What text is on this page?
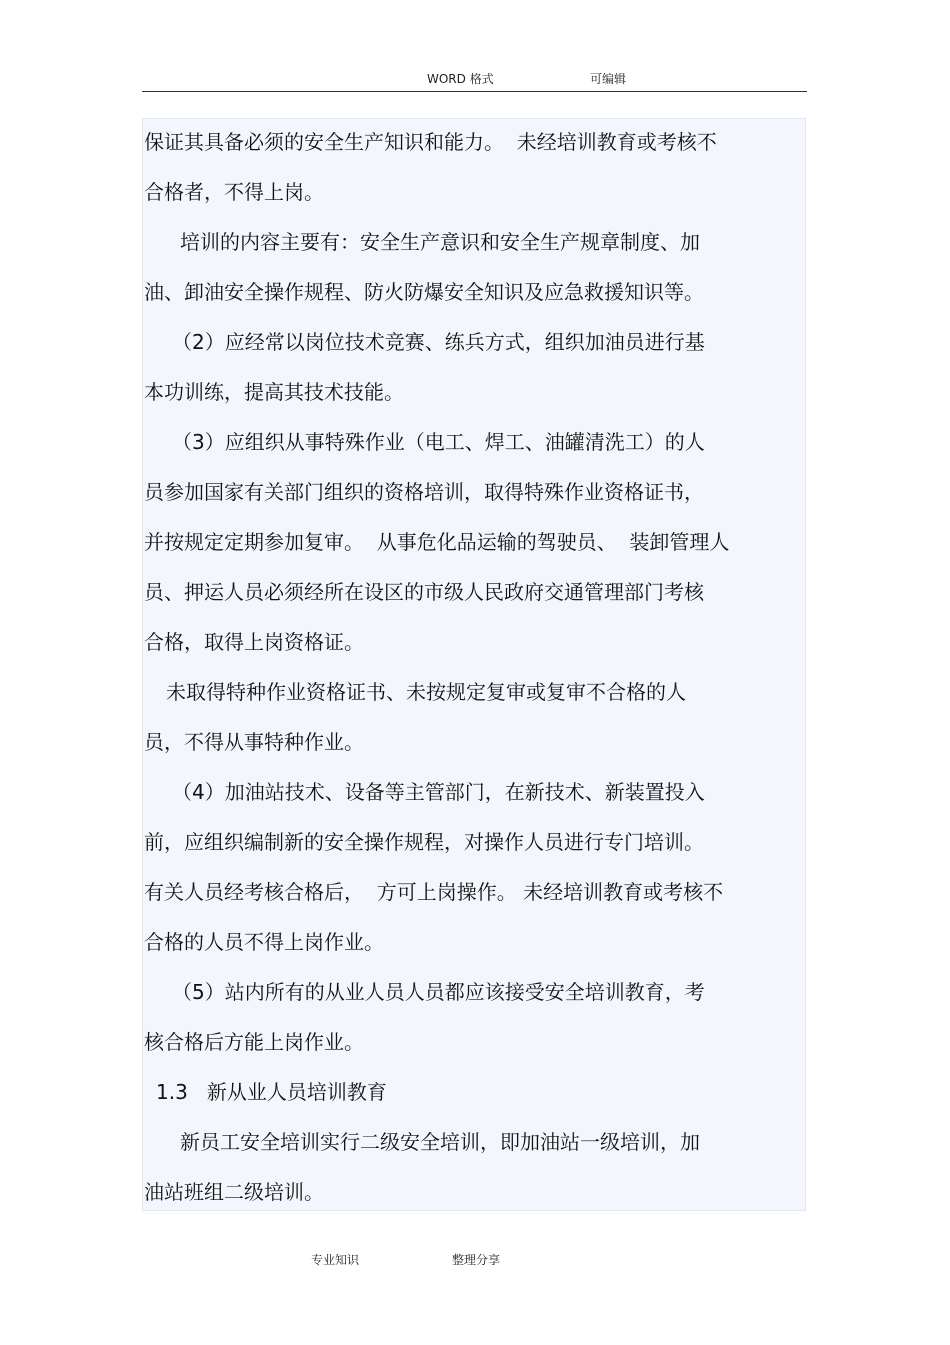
WORD 格式	可编辑
保证其具备必须的安全生产知识和能力。  未经培训教育或考核不
合格者，不得上岗。
培训的内容主要有：安全生产意识和安全生产规章制度、加
油、卸油安全操作规程、防火防爆安全知识及应急救援知识等。
（2）应经常以岗位技术竞赛、练兵方式，组织加油员进行基
本功训练，提高其技术技能。
（3）应组织从事特殊作业（电工、焊工、油罐清洗工）的人
员参加国家有关部门组织的资格培训，取得特殊作业资格证书，
并按规定定期参加复审。  从事危化品运输的驾驶员、  装卸管理人
员、押运人员必须经所在设区的市级人民政府交通管理部门考核
合格，取得上岗资格证。
未取得特种作业资格证书、未按规定复审或复审不合格的人
员，不得从事特种作业。
（4）加油站技术、设备等主管部门，在新技术、新装置投入
前，应组织编制新的安全操作规程，对操作人员进行专门培训。
有关人员经考核合格后，  方可上岗操作。 未经培训教育或考核不
合格的人员不得上岗作业。
（5）站内所有的从业人员人员都应该接受安全培训教育，考
核合格后方能上岗作业。
1.3   新从业人员培训教育
新员工安全培训实行二级安全培训，即加油站一级培训，加
油站班组二级培训。
专业知识	整理分享
